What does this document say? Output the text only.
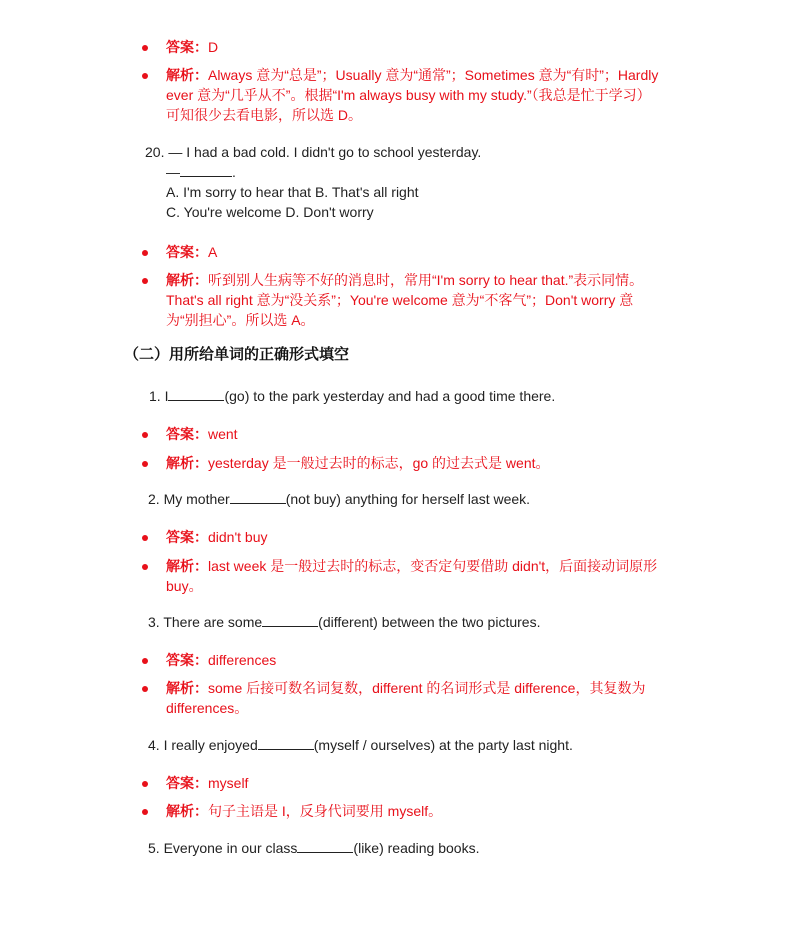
答案：D
解析：Always 意为“总是”；Usually 意为“通常”；Sometimes 意为“有时”；Hardly
ever 意为“几乎从不”。根据“I'm always busy with my study.”（我总是忙于学习）
可知很少去看电影，所以选 D。
20. — I had a bad cold. I didn't go to school yesterday.
—	.
A. I'm sorry to hear that B. That's all right
C. You're welcome D. Don't worry
答案：A
解析：听到别人生病等不好的消息时，常用“I'm sorry to hear that.”表示同情。
That's all right 意为“没关系”；You're welcome 意为“不客气”；Don't worry 意
为“别担心”。所以选 A。
（二）用所给单词的正确形式填空
1. I	(go) to the park yesterday and had a good time there.
答案：went
解析：yesterday 是一般过去时的标志，go 的过去式是 went。
2. My mother	(not buy) anything for herself last week.
答案：didn't buy
解析：last week 是一般过去时的标志，变否定句要借助 didn't，后面接动词原形
buy。
3. There are some	(different) between the two pictures.
答案：differences
解析：some 后接可数名词复数，different 的名词形式是 difference，其复数为
differences。
4. I really enjoyed	(myself / ourselves) at the party last night.
答案：myself
解析：句子主语是 I，反身代词要用 myself。
5. Everyone in our class	(like) reading books.
